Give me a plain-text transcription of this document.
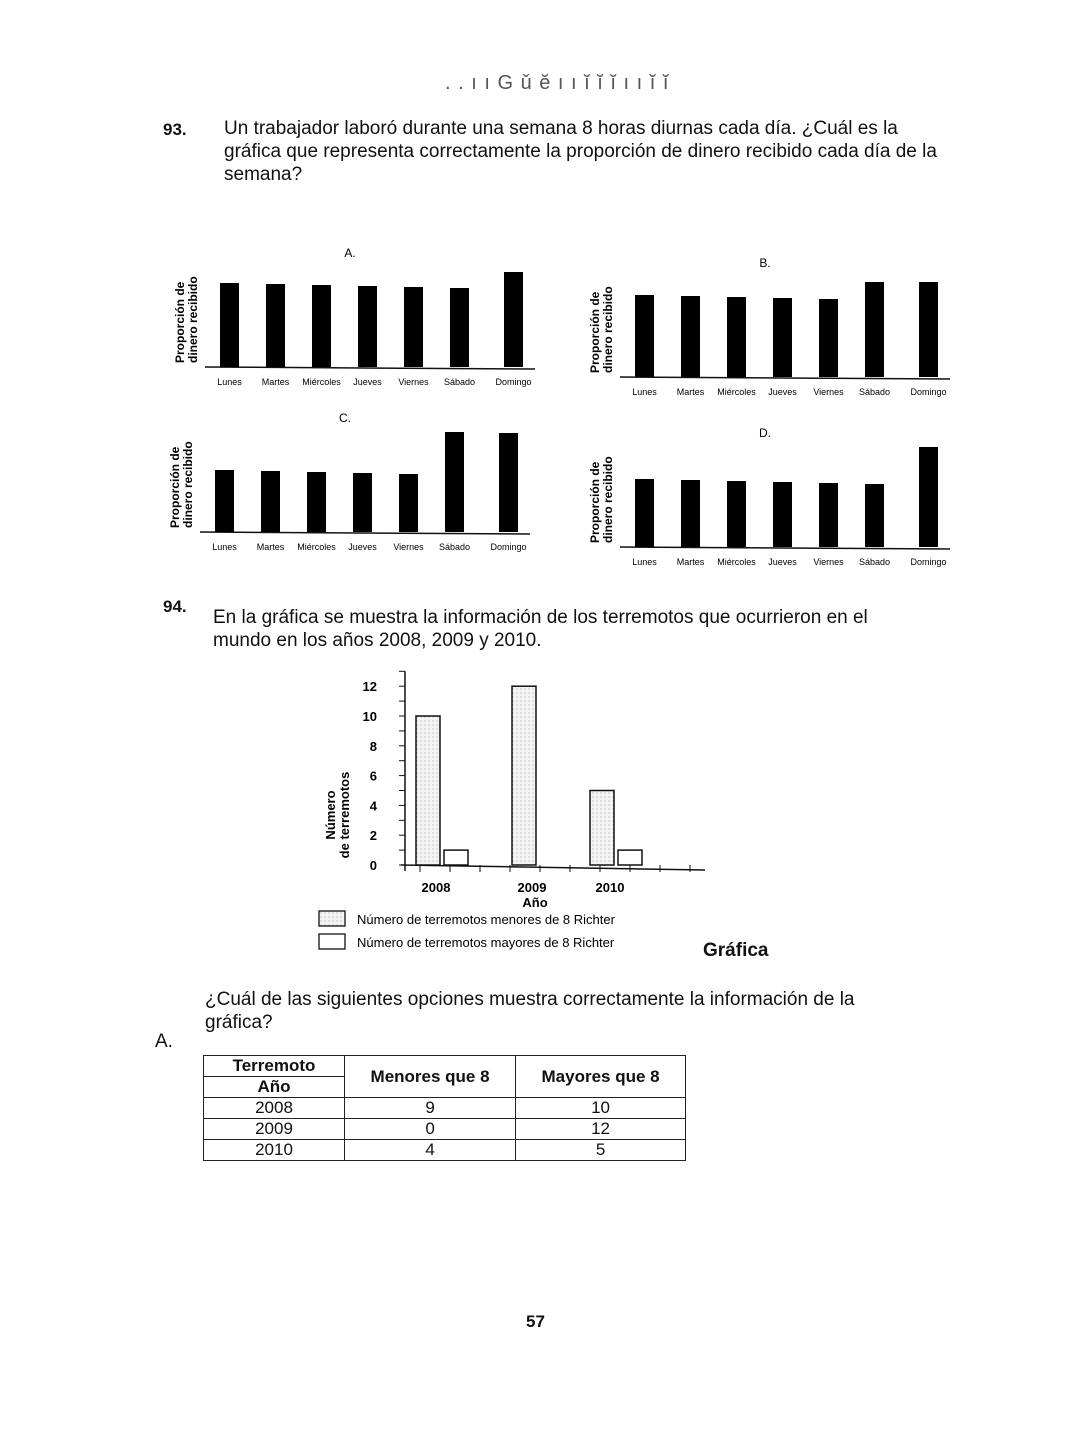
. . ı ı G ǔ ĕ ı ı ĭ ĭ ĭ ı ı ĭ ĭ
93. Un trabajador laboró durante una semana 8 horas diurnas cada día. ¿Cuál es la gráfica que representa correctamente la proporción de dinero recibido cada día de la semana?
A.
Proporción dedinero recibido
Lunes Martes Miércoles Jueves Viernes Sábado Domingo
B.
Proporción dedinero recibido
Lunes Martes Miércoles Jueves Viernes Sábado Domingo
C.
Proporción dedinero recibido
Lunes Martes Miércoles Jueves Viernes Sábado Domingo
D.
Proporción dedinero recibido
Lunes Martes Miércoles Jueves Viernes Sábado Domingo
94.
En la gráfica se muestra la información de los terremotos que ocurrieron en el mundo en los años 2008, 2009 y 2010.
0
2
4
6
8
10
12
Númerode terremotos
2008	2009	2010
Año
Número de terremotos menores de 8 Richter
Número de terremotos mayores de 8 Richter	Gráfica
¿Cuál de las siguientes opciones muestra correctamente la información de la gráfica?
A.
Terremoto
Año	Menores que 8	Mayores que 8
2008	9	10
2009	0	12
2010	4	5
57
